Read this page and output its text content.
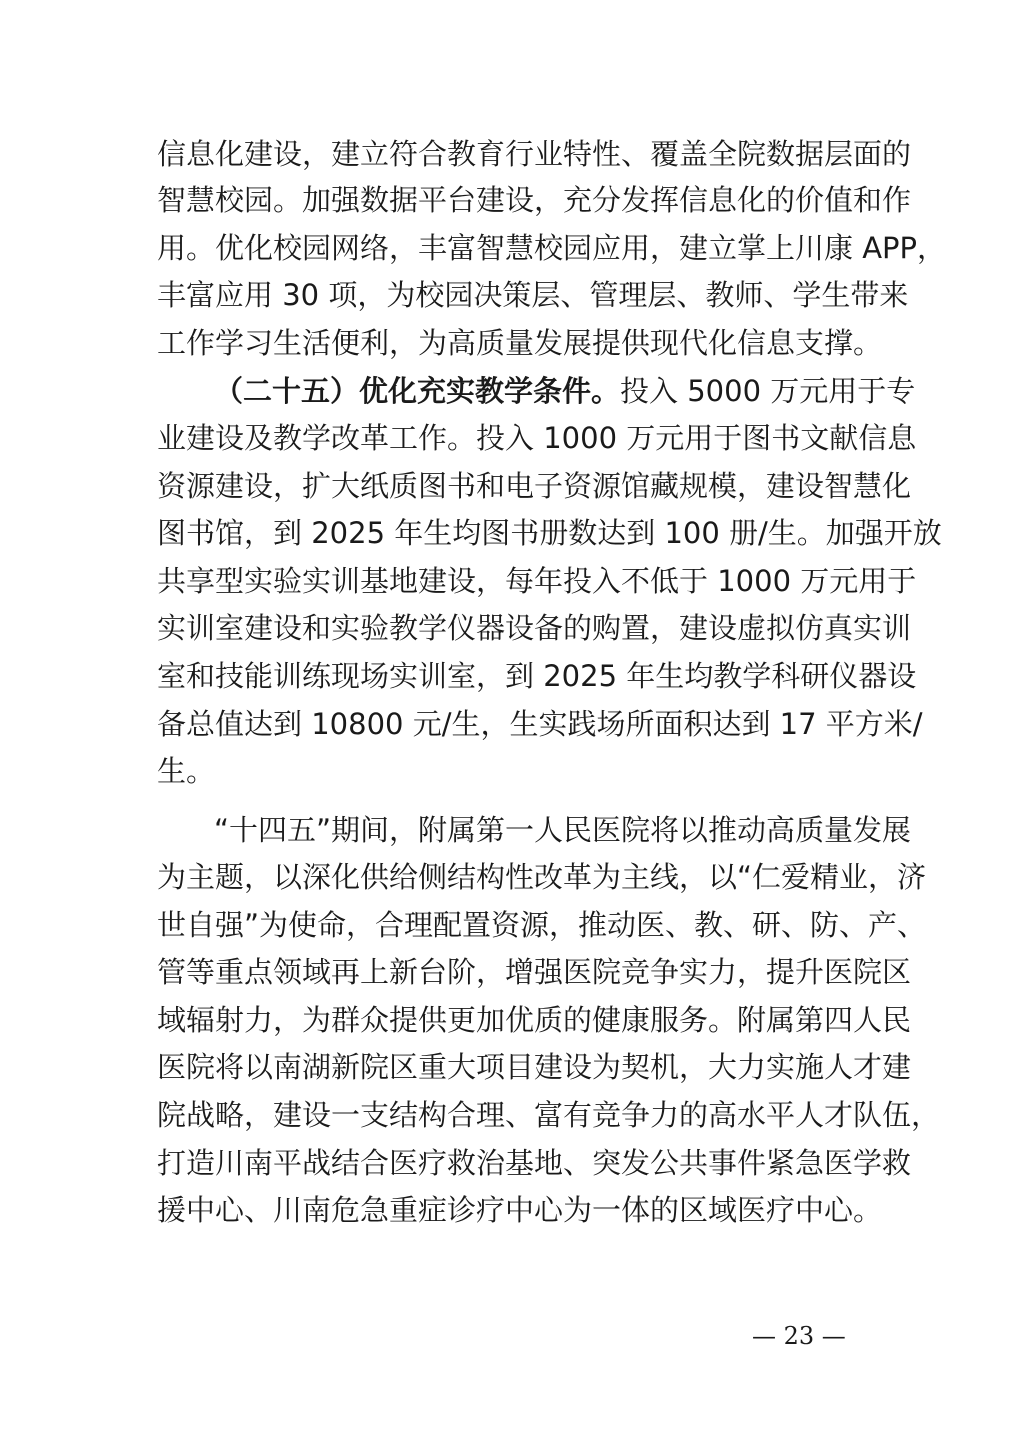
信息化建设，建立符合教育行业特性、覆盖全院数据层面的
智慧校园。加强数据平台建设，充分发挥信息化的价值和作
用。优化校园网络，丰富智慧校园应用，建立掌上川康 APP，
丰富应用 30 项，为校园决策层、管理层、教师、学生带来
工作学习生活便利，为高质量发展提供现代化信息支撑。
（二十五）优化充实教学条件。投入 5000 万元用于专
业建设及教学改革工作。投入 1000 万元用于图书文献信息
资源建设，扩大纸质图书和电子资源馆藏规模，建设智慧化
图书馆，到 2025 年生均图书册数达到 100 册/生。加强开放
共享型实验实训基地建设，每年投入不低于 1000 万元用于
实训室建设和实验教学仪器设备的购置，建设虚拟仿真实训
室和技能训练现场实训室，到 2025 年生均教学科研仪器设
备总值达到 10800 元/生，生实践场所面积达到 17 平方米/
生。
“十四五”期间，附属第一人民医院将以推动高质量发展
为主题，以深化供给侧结构性改革为主线，以“仁爱精业，济
世自强”为使命，合理配置资源，推动医、教、研、防、产、
管等重点领域再上新台阶，增强医院竞争实力，提升医院区
域辐射力，为群众提供更加优质的健康服务。附属第四人民
医院将以南湖新院区重大项目建设为契机，大力实施人才建
院战略，建设一支结构合理、富有竞争力的高水平人才队伍，
打造川南平战结合医疗救治基地、突发公共事件紧急医学救
援中心、川南危急重症诊疗中心为一体的区域医疗中心。
— 23 —
